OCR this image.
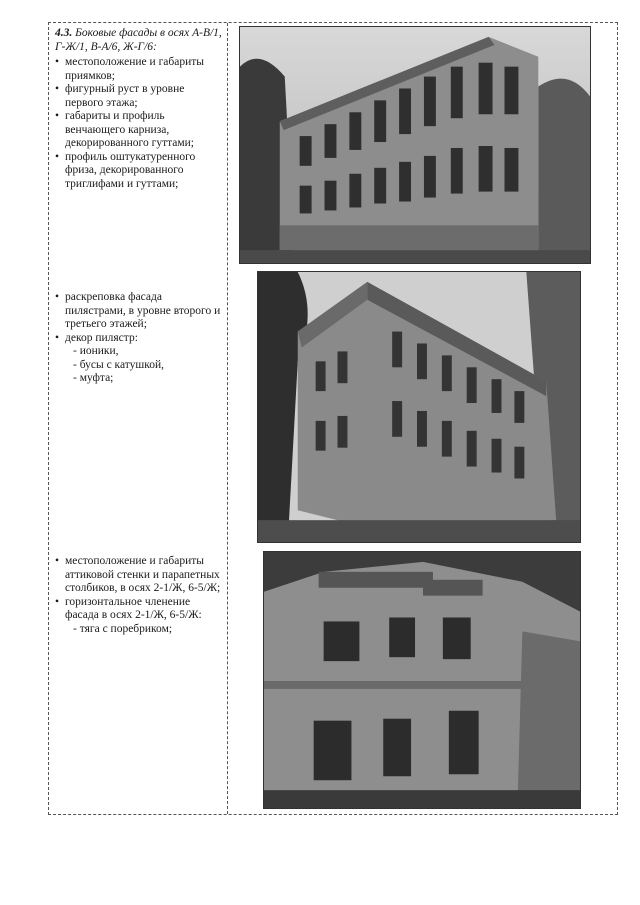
4.3. Боковые фасады в осях А-В/1, Г-Ж/1, В-А/6, Ж-Г/6:
• местоположение и габариты приямков;
• фигурный руст в уровне первого этажа;
• габариты и профиль венчающего карниза, декорированного гуттами;
• профиль оштукатуренного фриза, декорированного триглифами и гуттами;
• раскреповка фасада пилястрами, в уровне второго и третьего этажей;
• декор пилястр:
- ионики,
- бусы с катушкой,
- муфта;
• местоположение и габариты аттиковой стенки и парапетных столбиков, в осях 2-1/Ж, 6-5/Ж;
• горизонтальное членение фасада в осях 2-1/Ж, 6-5/Ж:
- тяга с поребриком;
